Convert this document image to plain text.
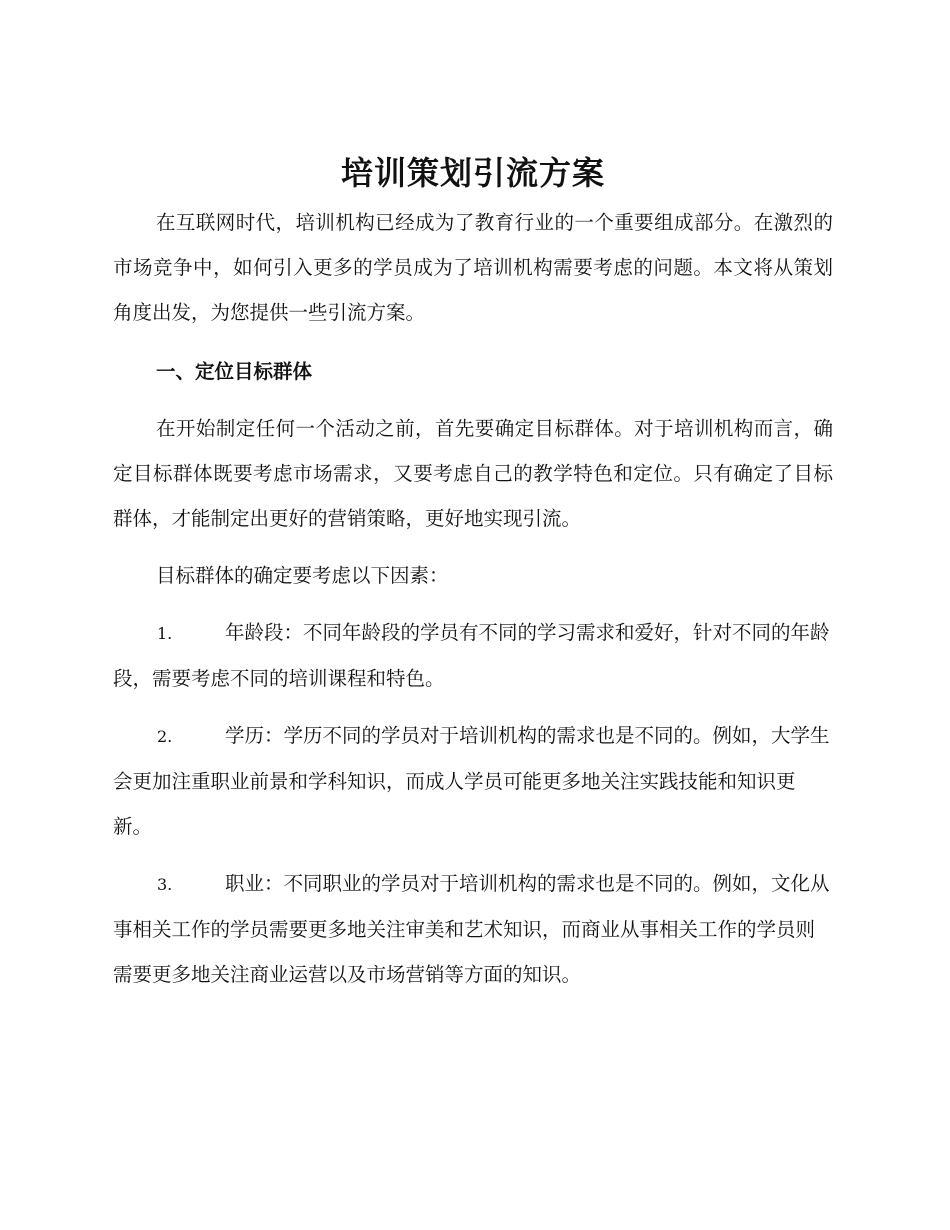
培训策划引流方案

在互联网时代，培训机构已经成为了教育行业的一个重要组成部分。在激烈的市场竞争中，如何引入更多的学员成为了培训机构需要考虑的问题。本文将从策划角度出发，为您提供一些引流方案。

一、定位目标群体

在开始制定任何一个活动之前，首先要确定目标群体。对于培训机构而言，确定目标群体既要考虑市场需求，又要考虑自己的教学特色和定位。只有确定了目标群体，才能制定出更好的营销策略，更好地实现引流。

目标群体的确定要考虑以下因素：

1.	年龄段：不同年龄段的学员有不同的学习需求和爱好，针对不同的年龄段，需要考虑不同的培训课程和特色。

2.	学历：学历不同的学员对于培训机构的需求也是不同的。例如，大学生会更加注重职业前景和学科知识，而成人学员可能更多地关注实践技能和知识更新。

3.	职业：不同职业的学员对于培训机构的需求也是不同的。例如，文化从事相关工作的学员需要更多地关注审美和艺术知识，而商业从事相关工作的学员则需要更多地关注商业运营以及市场营销等方面的知识。
